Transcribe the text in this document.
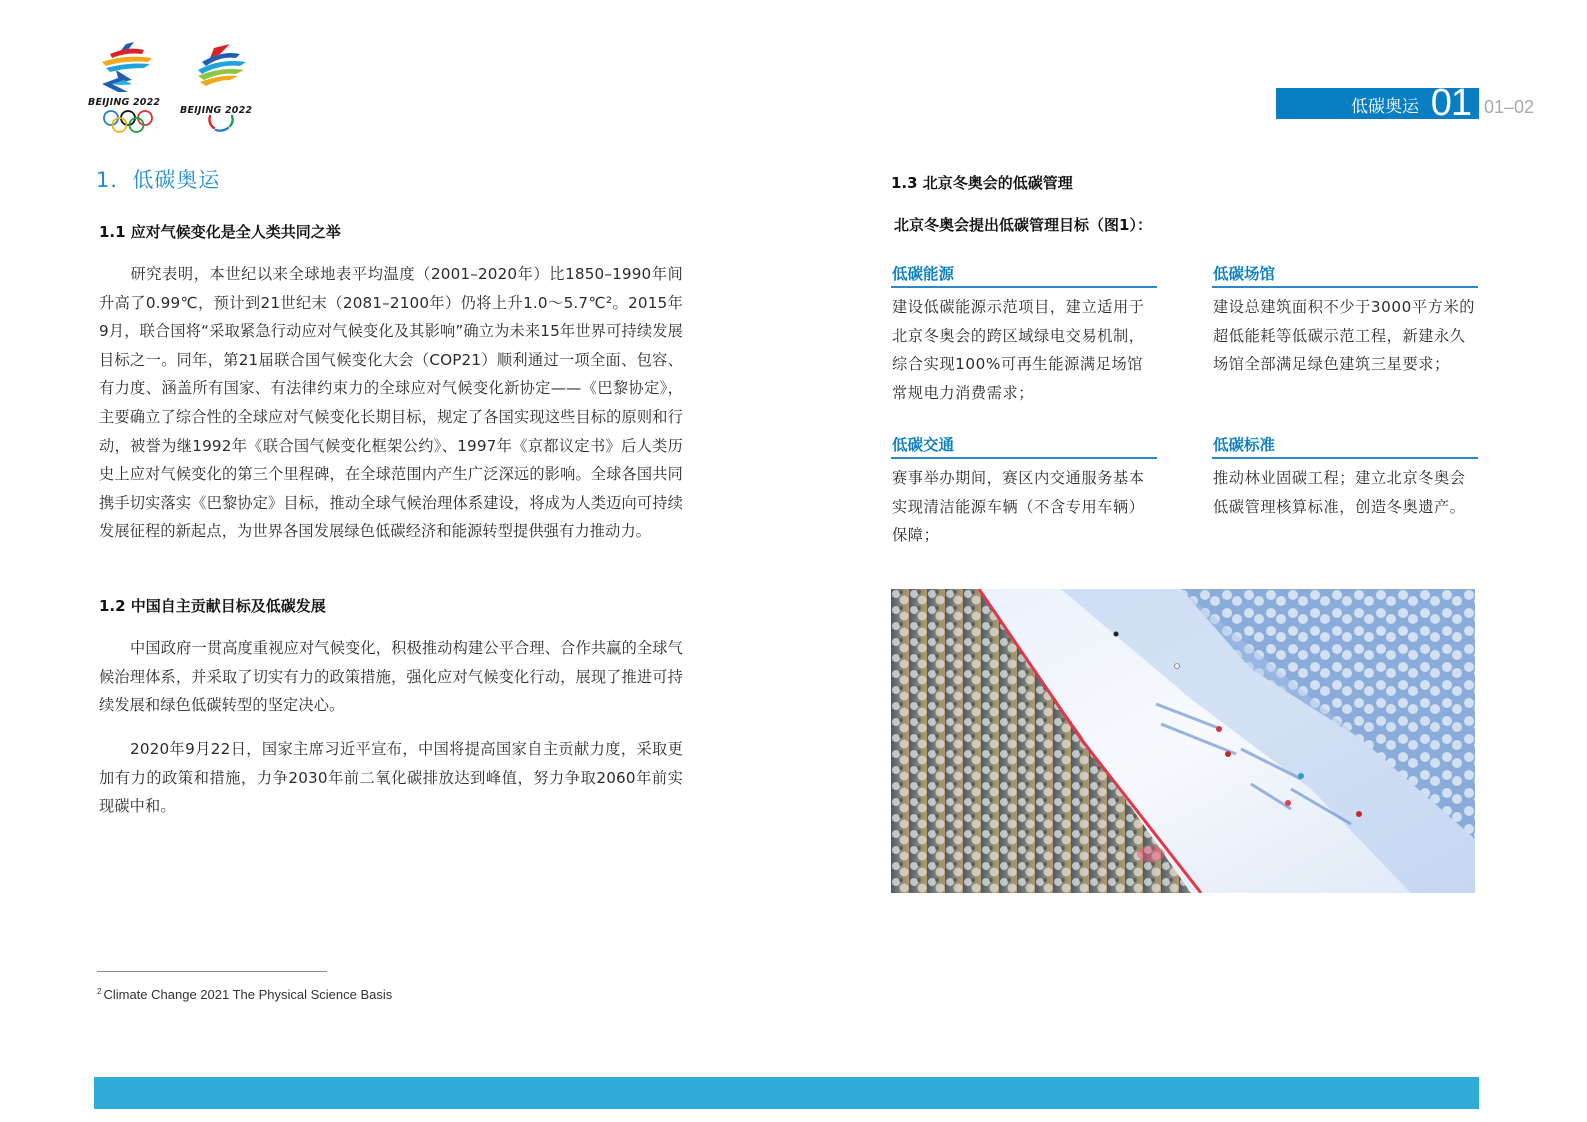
BEIJING 2022
BEIJING 2022	低碳奥运 01 01–02
1．低碳奥运
1.1 应对气候变化是全人类共同之举
研究表明，本世纪以来全球地表平均温度（2001–2020年）比1850–1990年间升高了0.99℃，预计到21世纪末（2081–2100年）仍将上升1.0～5.7℃²。2015年9月，联合国将“采取紧急行动应对气候变化及其影响”确立为未来15年世界可持续发展目标之一。同年，第21届联合国气候变化大会（COP21）顺利通过一项全面、包容、有力度、涵盖所有国家、有法律约束力的全球应对气候变化新协定——《巴黎协定》，主要确立了综合性的全球应对气候变化长期目标，规定了各国实现这些目标的原则和行动，被誉为继1992年《联合国气候变化框架公约》、1997年《京都议定书》后人类历史上应对气候变化的第三个里程碑，在全球范围内产生广泛深远的影响。全球各国共同携手切实落实《巴黎协定》目标，推动全球气候治理体系建设，将成为人类迈向可持续发展征程的新起点，为世界各国发展绿色低碳经济和能源转型提供强有力推动力。
1.2 中国自主贡献目标及低碳发展
中国政府一贯高度重视应对气候变化，积极推动构建公平合理、合作共赢的全球气候治理体系，并采取了切实有力的政策措施，强化应对气候变化行动，展现了推进可持续发展和绿色低碳转型的坚定决心。
2020年9月22日，国家主席习近平宣布，中国将提高国家自主贡献力度，采取更加有力的政策和措施，力争2030年前二氧化碳排放达到峰值，努力争取2060年前实现碳中和。
$^2$ Climate Change 2021 The Physical Science Basis
1.3 北京冬奥会的低碳管理
北京冬奥会提出低碳管理目标（图1）：
低碳能源
建设低碳能源示范项目，建立适用于北京冬奥会的跨区域绿电交易机制，综合实现100%可再生能源满足场馆常规电力消费需求；
低碳场馆
建设总建筑面积不少于3000平方米的超低能耗等低碳示范工程，新建永久场馆全部满足绿色建筑三星要求；
低碳交通
赛事举办期间，赛区内交通服务基本实现清洁能源车辆（不含专用车辆）保障；
低碳标准
推动林业固碳工程；建立北京冬奥会低碳管理核算标准，创造冬奥遗产。
